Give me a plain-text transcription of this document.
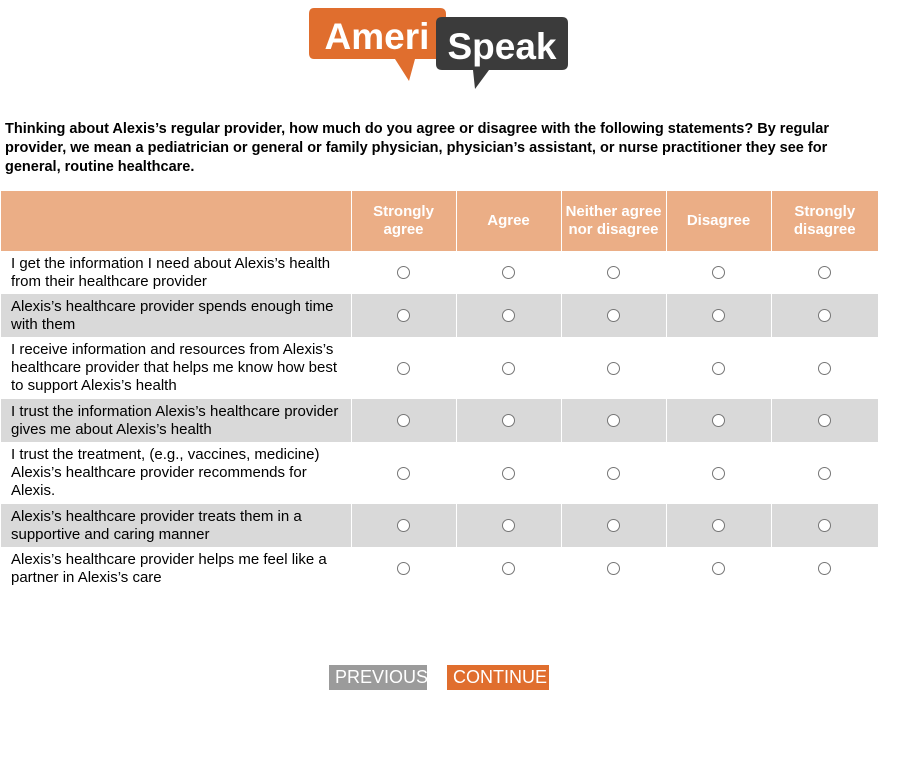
Ameri Speak
Thinking about Alexis’s regular provider, how much do you agree or disagree with the following statements? By regular provider, we mean a pediatrician or general or family physician, physician’s assistant, or nurse practitioner they see for general, routine healthcare.
	Strongly agree	Agree	Neither agree nor disagree	Disagree	Strongly disagree
I get the information I need about Alexis’s health from their healthcare provider					
Alexis’s healthcare provider spends enough time with them					
I receive information and resources from Alexis’s healthcare provider that helps me know how best to support Alexis’s health					
I trust the information Alexis’s healthcare provider gives me about Alexis’s health					
I trust the treatment, (e.g., vaccines, medicine) Alexis’s healthcare provider recommends for Alexis.					
Alexis’s healthcare provider treats them in a supportive and caring manner					
Alexis’s healthcare provider helps me feel like a partner in Alexis’s care					
PREVIOUS	CONTINUE
